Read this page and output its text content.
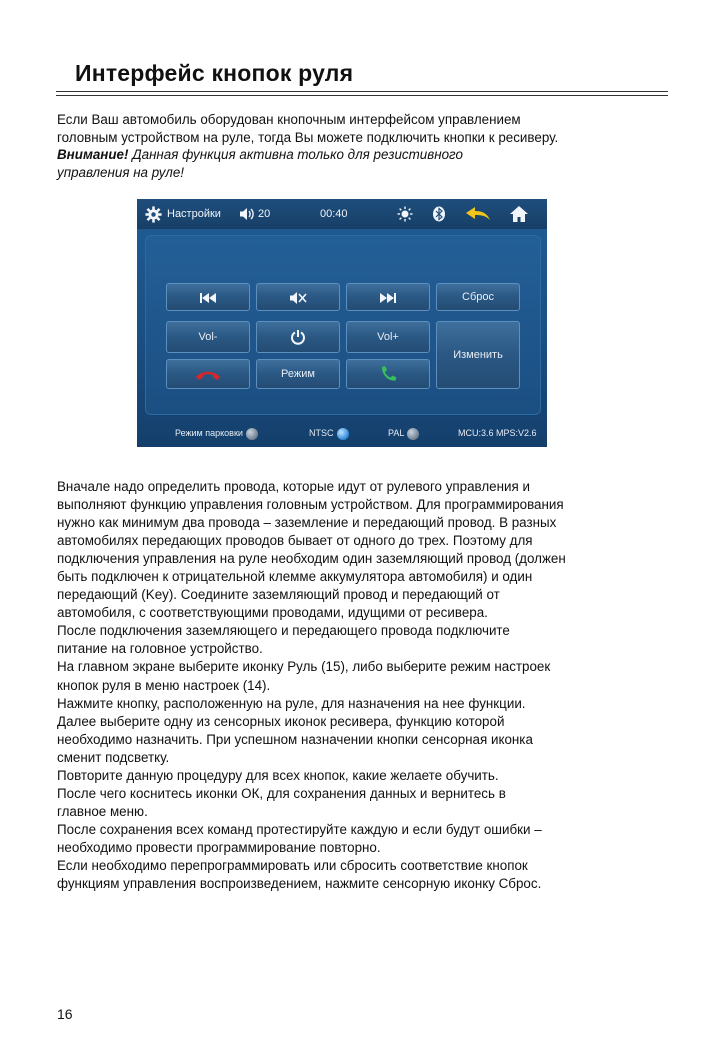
Интерфейс кнопок руля
Если Ваш автомобиль оборудован кнопочным интерфейсом управлением
головным устройством на руле, тогда Вы можете подключить кнопки к ресиверу.
Внимание! Данная функция активна только для резистивного
управления на руле!
Настройки	20	00:40
Сброс
Vol-	Vol+
Изменить
Режим
Режим парковки	NTSC	PAL	MCU:3.6 MPS:V2.6

Вначале надо определить провода, которые идут от рулевого управления и

выполняют функцию управления головным устройством. Для программирования

нужно как минимум два провода – заземление и передающий провод. В разных

автомобилях передающих проводов бывает от одного до трех. Поэтому для

подключения управления на руле необходим один заземляющий провод (должен

быть подключен к отрицательной клемме аккумулятора автомобиля) и один

передающий (Key). Соедините заземляющий провод и передающий от

автомобиля, с соответствующими проводами, идущими от ресивера.

После подключения заземляющего и передающего провода подключите

питание на головное устройство.

На главном экране выберите иконку Руль (15), либо выберите режим настроек

кнопок руля в меню настроек (14).

Нажмите кнопку, расположенную на руле, для назначения на нее функции.

Далее выберите одну из сенсорных иконок ресивера, функцию которой

необходимо назначить. При успешном назначении кнопки сенсорная иконка

сменит подсветку.

Повторите данную процедуру для всех кнопок, какие желаете обучить.

После чего коснитесь иконки ОК, для сохранения данных и вернитесь в

главное меню.

После сохранения всех команд протестируйте каждую и если будут ошибки –

необходимо провести программирование повторно.

Если необходимо перепрограммировать или сбросить соответствие кнопок

функциям управления воспроизведением, нажмите сенсорную иконку Сброс.

16
